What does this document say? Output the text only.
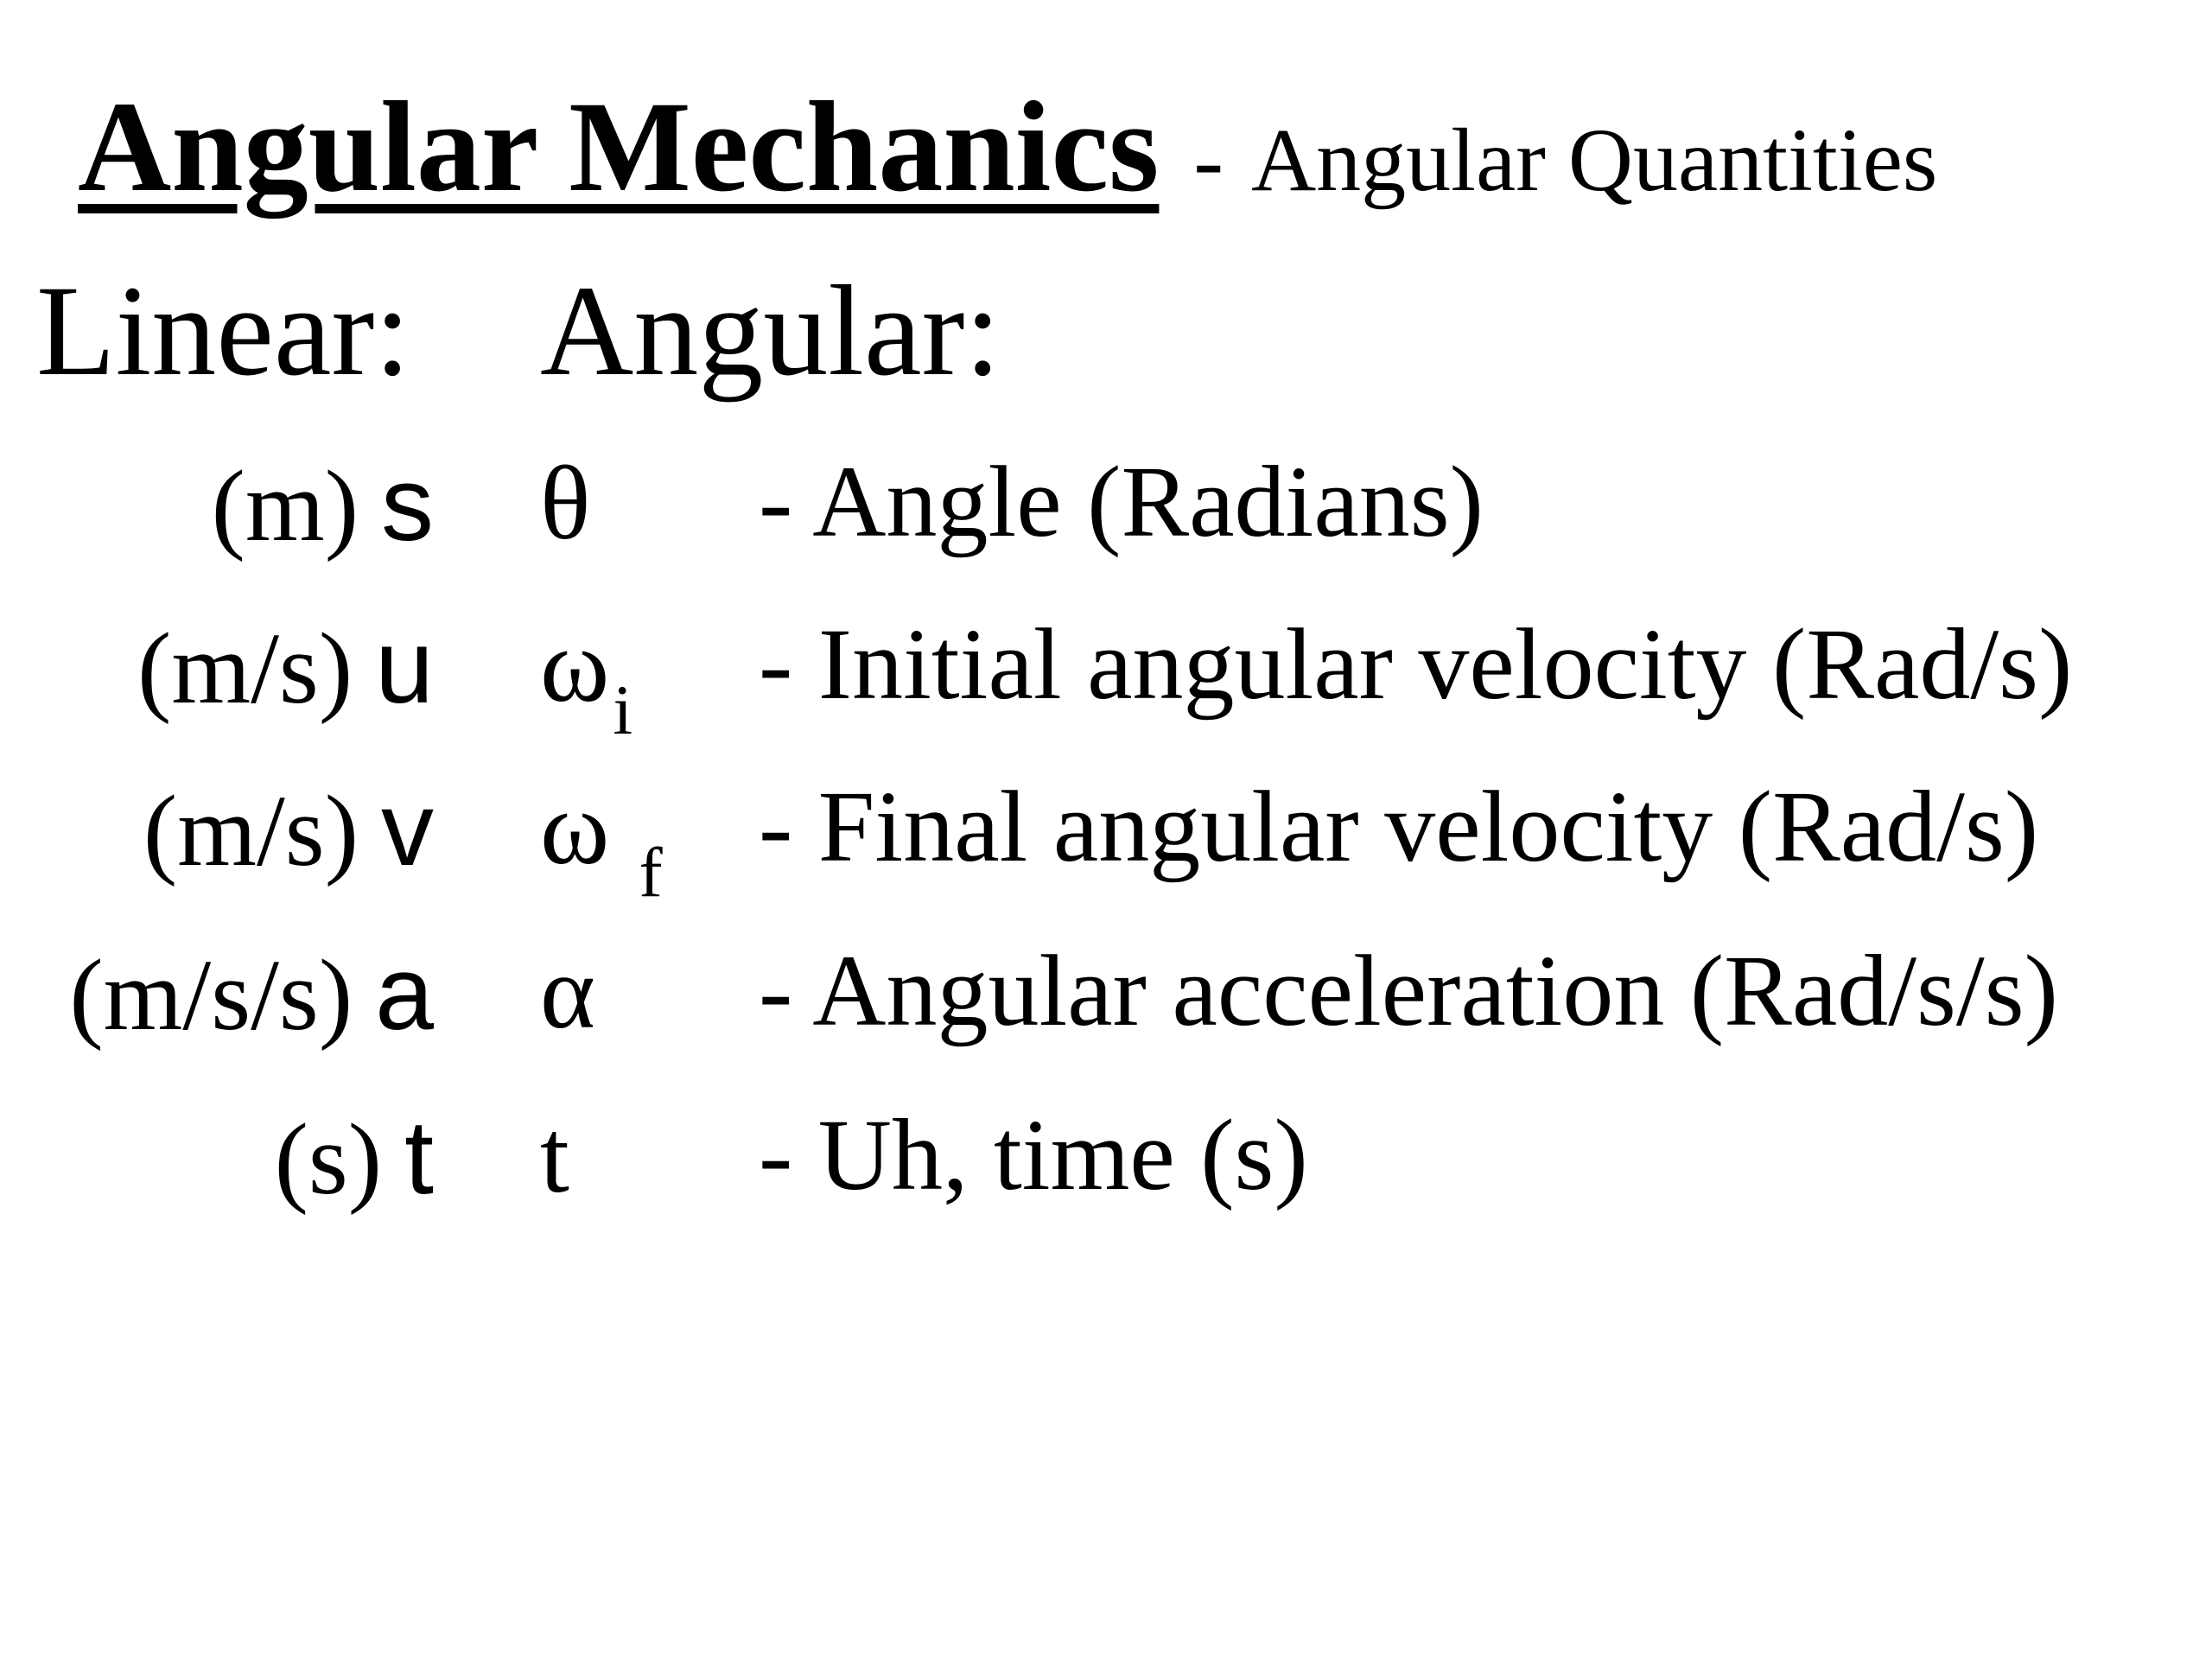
Angular Mechanics - Angular Quantities
Linear: Angular:
(m) s θ - Angle (Radians)
(m/s) u $\omega_i$ - Initial angular velocity (Rad/s)
(m/s) v ω $_f$ - Final angular velocity (Rad/s)
(m/s/s) a α - Angular acceleration (Rad/s/s)
(s) t t - Uh, time (s)
